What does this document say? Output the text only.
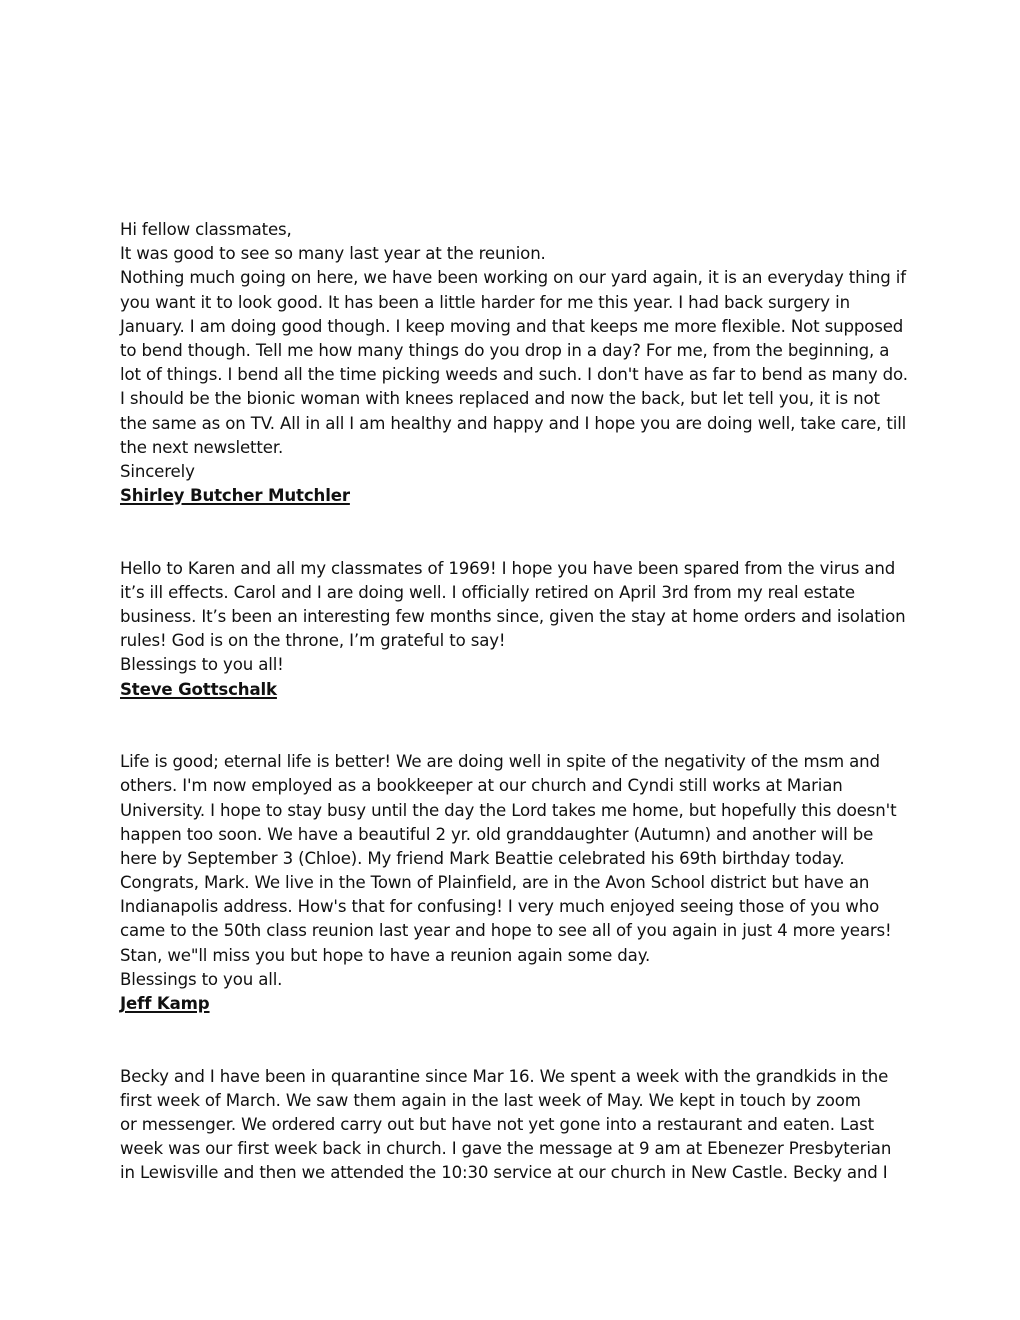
Hi fellow classmates,
It was good to see so many last year at the reunion.
Nothing much going on here, we have been working on our yard again, it is an everyday thing if
you want it to look good. It has been a little harder for me this year. I had back surgery in
January. I am doing good though. I keep moving and that keeps me more flexible. Not supposed
to bend though. Tell me how many things do you drop in a day? For me, from the beginning, a
lot of things. I bend all the time picking weeds and such. I don't have as far to bend as many do.
I should be the bionic woman with knees replaced and now the back, but let tell you, it is not
the same as on TV. All in all I am healthy and happy and I hope you are doing well, take care, till
the next newsletter.
Sincerely
Shirley Butcher Mutchler
Hello to Karen and all my classmates of 1969! I hope you have been spared from the virus and
it’s ill effects. Carol and I are doing well. I officially retired on April 3rd from my real estate
business. It’s been an interesting few months since, given the stay at home orders and isolation
rules! God is on the throne, I’m grateful to say!
Blessings to you all!
Steve Gottschalk
Life is good; eternal life is better! We are doing well in spite of the negativity of the msm and
others. I'm now employed as a bookkeeper at our church and Cyndi still works at Marian
University. I hope to stay busy until the day the Lord takes me home, but hopefully this doesn't
happen too soon. We have a beautiful 2 yr. old granddaughter (Autumn) and another will be
here by September 3 (Chloe). My friend Mark Beattie celebrated his 69th birthday today.
Congrats, Mark. We live in the Town of Plainfield, are in the Avon School district but have an
Indianapolis address. How's that for confusing! I very much enjoyed seeing those of you who
came to the 50th class reunion last year and hope to see all of you again in just 4 more years!
Stan, we"ll miss you but hope to have a reunion again some day.
Blessings to you all.
Jeff Kamp
Becky and I have been in quarantine since Mar 16. We spent a week with the grandkids in the
first week of March. We saw them again in the last week of May. We kept in touch by zoom
or messenger. We ordered carry out but have not yet gone into a restaurant and eaten. Last
week was our first week back in church. I gave the message at 9 am at Ebenezer Presbyterian
in Lewisville and then we attended the 10:30 service at our church in New Castle. Becky and I
